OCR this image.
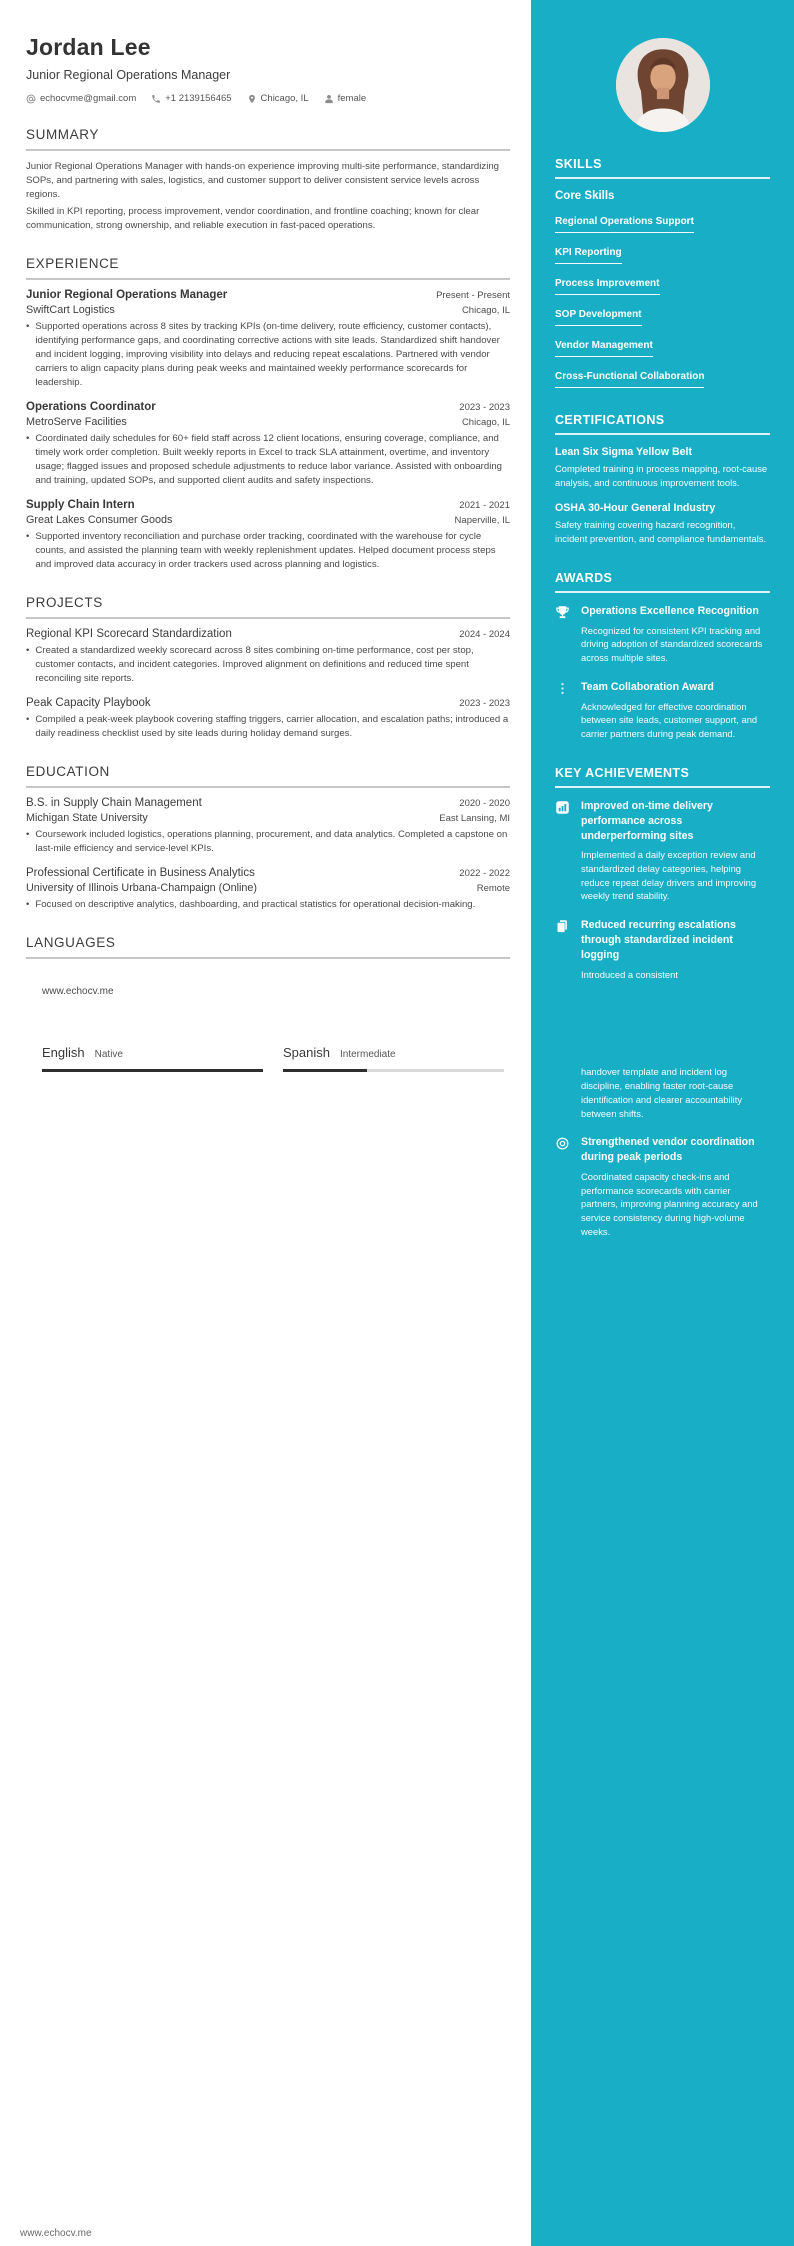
Jordan Lee
Junior Regional Operations Manager
echocvme@gmail.com	+1 2139156465	Chicago, IL	female
SUMMARY

Junior Regional Operations Manager with hands-on experience improving multi-site performance, standardizing SOPs, and partnering with sales, logistics, and customer support to deliver consistent service levels across regions.

Skilled in KPI reporting, process improvement, vendor coordination, and frontline coaching; known for clear communication, strong ownership, and reliable execution in fast-paced operations.

EXPERIENCE
Junior Regional Operations Manager	Present - Present
SwiftCart Logistics	Chicago, IL
• Supported operations across 8 sites by tracking KPIs (on-time delivery, route efficiency, customer contacts), identifying performance gaps, and coordinating corrective actions with site leads. Standardized shift handover and incident logging, improving visibility into delays and reducing repeat escalations. Partnered with vendor carriers to align capacity plans during peak weeks and maintained weekly performance scorecards for leadership.
Operations Coordinator	2023 - 2023
MetroServe Facilities	Chicago, IL
• Coordinated daily schedules for 60+ field staff across 12 client locations, ensuring coverage, compliance, and timely work order completion. Built weekly reports in Excel to track SLA attainment, overtime, and inventory usage; flagged issues and proposed schedule adjustments to reduce labor variance. Assisted with onboarding and training, updated SOPs, and supported client audits and safety inspections.
Supply Chain Intern	2021 - 2021
Great Lakes Consumer Goods	Naperville, IL
• Supported inventory reconciliation and purchase order tracking, coordinated with the warehouse for cycle counts, and assisted the planning team with weekly replenishment updates. Helped document process steps and improved data accuracy in order trackers used across planning and logistics.
PROJECTS
Regional KPI Scorecard Standardization	2024 - 2024
• Created a standardized weekly scorecard across 8 sites combining on-time performance, cost per stop, customer contacts, and incident categories. Improved alignment on definitions and reduced time spent reconciling site reports.
Peak Capacity Playbook	2023 - 2023
• Compiled a peak-week playbook covering staffing triggers, carrier allocation, and escalation paths; introduced a daily readiness checklist used by site leads during holiday demand surges.
EDUCATION
B.S. in Supply Chain Management	2020 - 2020
Michigan State University	East Lansing, MI
• Coursework included logistics, operations planning, procurement, and data analytics. Completed a capstone on last-mile efficiency and service-level KPIs.
Professional Certificate in Business Analytics	2022 - 2022
University of Illinois Urbana-Champaign (Online)	Remote
• Focused on descriptive analytics, dashboarding, and practical statistics for operational decision-making.
LANGUAGES
www.echocv.me
English Native	Spanish Intermediate
SKILLS
Core Skills
Regional Operations Support
KPI Reporting
Process Improvement
SOP Development
Vendor Management
Cross-Functional Collaboration
CERTIFICATIONS
Lean Six Sigma Yellow Belt
Completed training in process mapping, root-cause analysis, and continuous improvement tools.
OSHA 30-Hour General Industry
Safety training covering hazard recognition, incident prevention, and compliance fundamentals.
AWARDS
Operations Excellence Recognition
Recognized for consistent KPI tracking and driving adoption of standardized scorecards across multiple sites.
Team Collaboration Award
Acknowledged for effective coordination between site leads, customer support, and carrier partners during peak demand.
KEY ACHIEVEMENTS
Improved on-time delivery performance across underperforming sites
Implemented a daily exception review and standardized delay categories, helping reduce repeat delay drivers and improving weekly trend stability.
Reduced recurring escalations through standardized incident logging
Introduced a consistent
handover template and incident log discipline, enabling faster root-cause identification and clearer accountability between shifts.
Strengthened vendor coordination during peak periods
Coordinated capacity check-ins and performance scorecards with carrier partners, improving planning accuracy and service consistency during high-volume weeks.
www.echocv.me
